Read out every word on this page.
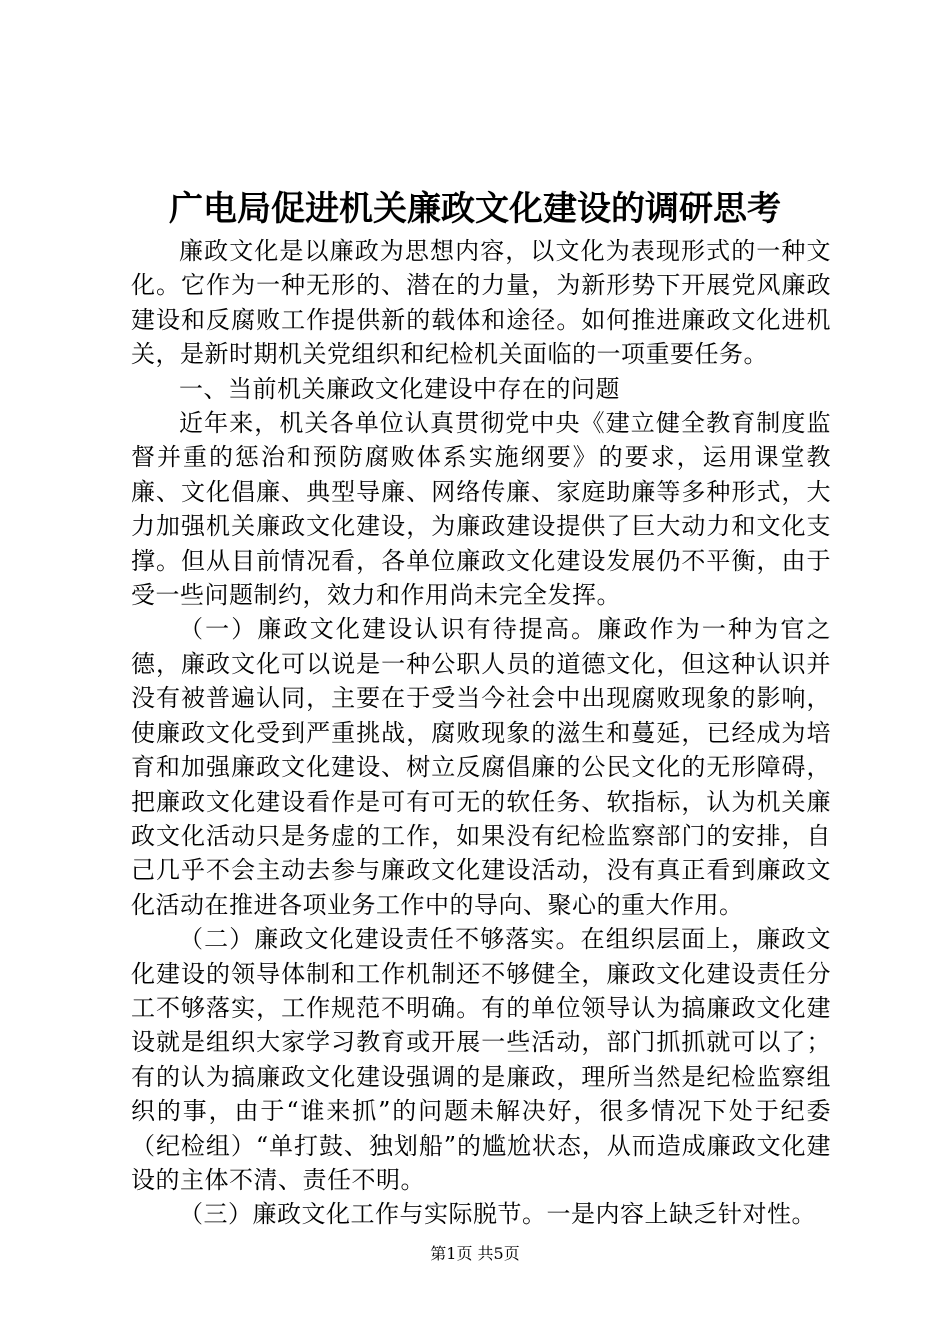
广电局促进机关廉政文化建设的调研思考

廉政文化是以廉政为思想内容，以文化为表现形式的一种文化。它作为一种无形的、潜在的力量，为新形势下开展党风廉政建设和反腐败工作提供新的载体和途径。如何推进廉政文化进机关，是新时期机关党组织和纪检机关面临的一项重要任务。

一、当前机关廉政文化建设中存在的问题

近年来，机关各单位认真贯彻党中央《建立健全教育制度监督并重的惩治和预防腐败体系实施纲要》的要求，运用课堂教廉、文化倡廉、典型导廉、网络传廉、家庭助廉等多种形式，大力加强机关廉政文化建设，为廉政建设提供了巨大动力和文化支撑。但从目前情况看，各单位廉政文化建设发展仍不平衡，由于受一些问题制约，效力和作用尚未完全发挥。

（一）廉政文化建设认识有待提高。廉政作为一种为官之德，廉政文化可以说是一种公职人员的道德文化，但这种认识并没有被普遍认同，主要在于受当今社会中出现腐败现象的影响，使廉政文化受到严重挑战，腐败现象的滋生和蔓延，已经成为培育和加强廉政文化建设、树立反腐倡廉的公民文化的无形障碍，把廉政文化建设看作是可有可无的软任务、软指标，认为机关廉政文化活动只是务虚的工作，如果没有纪检监察部门的安排，自己几乎不会主动去参与廉政文化建设活动，没有真正看到廉政文化活动在推进各项业务工作中的导向、聚心的重大作用。

（二）廉政文化建设责任不够落实。在组织层面上，廉政文化建设的领导体制和工作机制还不够健全，廉政文化建设责任分工不够落实，工作规范不明确。有的单位领导认为搞廉政文化建设就是组织大家学习教育或开展一些活动，部门抓抓就可以了；有的认为搞廉政文化建设强调的是廉政，理所当然是纪检监察组织的事，由于“谁来抓”的问题未解决好，很多情况下处于纪委（纪检组）“单打鼓、独划船”的尴尬状态，从而造成廉政文化建设的主体不清、责任不明。

（三）廉政文化工作与实际脱节。一是内容上缺乏针对性。

第1页 共5页
